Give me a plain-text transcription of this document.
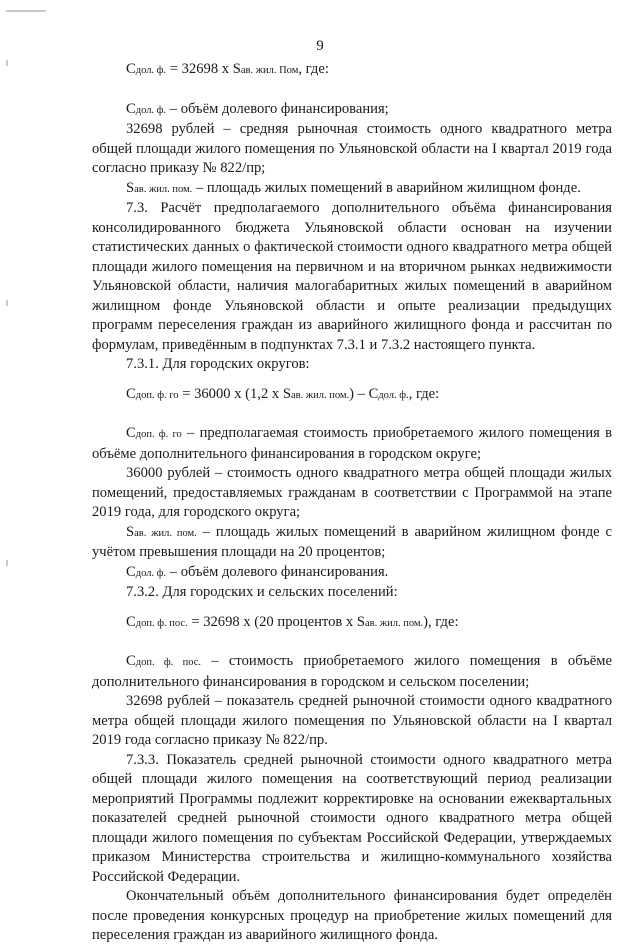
9

Сдол. ф. = 32698 х Sав. жил. Пом, где:

Сдол. ф. – объём долевого финансирования;

32698 рублей – средняя рыночная стоимость одного квадратного метра общей площади жилого помещения по Ульяновской области на I квартал 2019 года согласно приказу № 822/пр;

Sав. жил. пом. – площадь жилых помещений в аварийном жилищном фонде.

7.3. Расчёт предполагаемого дополнительного объёма финансирования консолидированного бюджета Ульяновской области основан на изучении статистических данных о фактической стоимости одного квадратного метра общей площади жилого помещения на первичном и на вторичном рынках недвижимости Ульяновской области, наличия малогабаритных жилых помещений в аварийном жилищном фонде Ульяновской области и опыте реализации предыдущих программ переселения граждан из аварийного жилищного фонда и рассчитан по формулам, приведённым в подпунктах 7.3.1 и 7.3.2 настоящего пункта.

7.3.1. Для городских округов:

Сдоп. ф. го = 36000 х (1,2 х Sав. жил. пом.) – Сдол. ф., где:

Сдоп. ф. го – предполагаемая стоимость приобретаемого жилого помещения в объёме дополнительного финансирования в городском округе;

36000 рублей – стоимость одного квадратного метра общей площади жилых помещений, предоставляемых гражданам в соответствии с Программой на этапе 2019 года, для городского округа;

Sав. жил. пом. – площадь жилых помещений в аварийном жилищном фонде с учётом превышения площади на 20 процентов;

Сдол. ф. – объём долевого финансирования.

7.3.2. Для городских и сельских поселений:

Сдоп. ф. пос. = 32698 х (20 процентов х Sав. жил. пом.), где:

Сдоп. ф. пос. – стоимость приобретаемого жилого помещения в объёме дополнительного финансирования в городском и сельском поселении;

32698 рублей – показатель средней рыночной стоимости одного квадратного метра общей площади жилого помещения по Ульяновской области на I квартал 2019 года согласно приказу № 822/пр.

7.3.3. Показатель средней рыночной стоимости одного квадратного метра общей площади жилого помещения на соответствующий период реализации мероприятий Программы подлежит корректировке на основании ежеквартальных показателей средней рыночной стоимости одного квадратного метра общей площади жилого помещения по субъектам Российской Федерации, утверждаемых приказом Министерства строительства и жилищно-коммунального хозяйства Российской Федерации.

Окончательный объём дополнительного финансирования будет определён после проведения конкурсных процедур на приобретение жилых помещений для переселения граждан из аварийного жилищного фонда.
